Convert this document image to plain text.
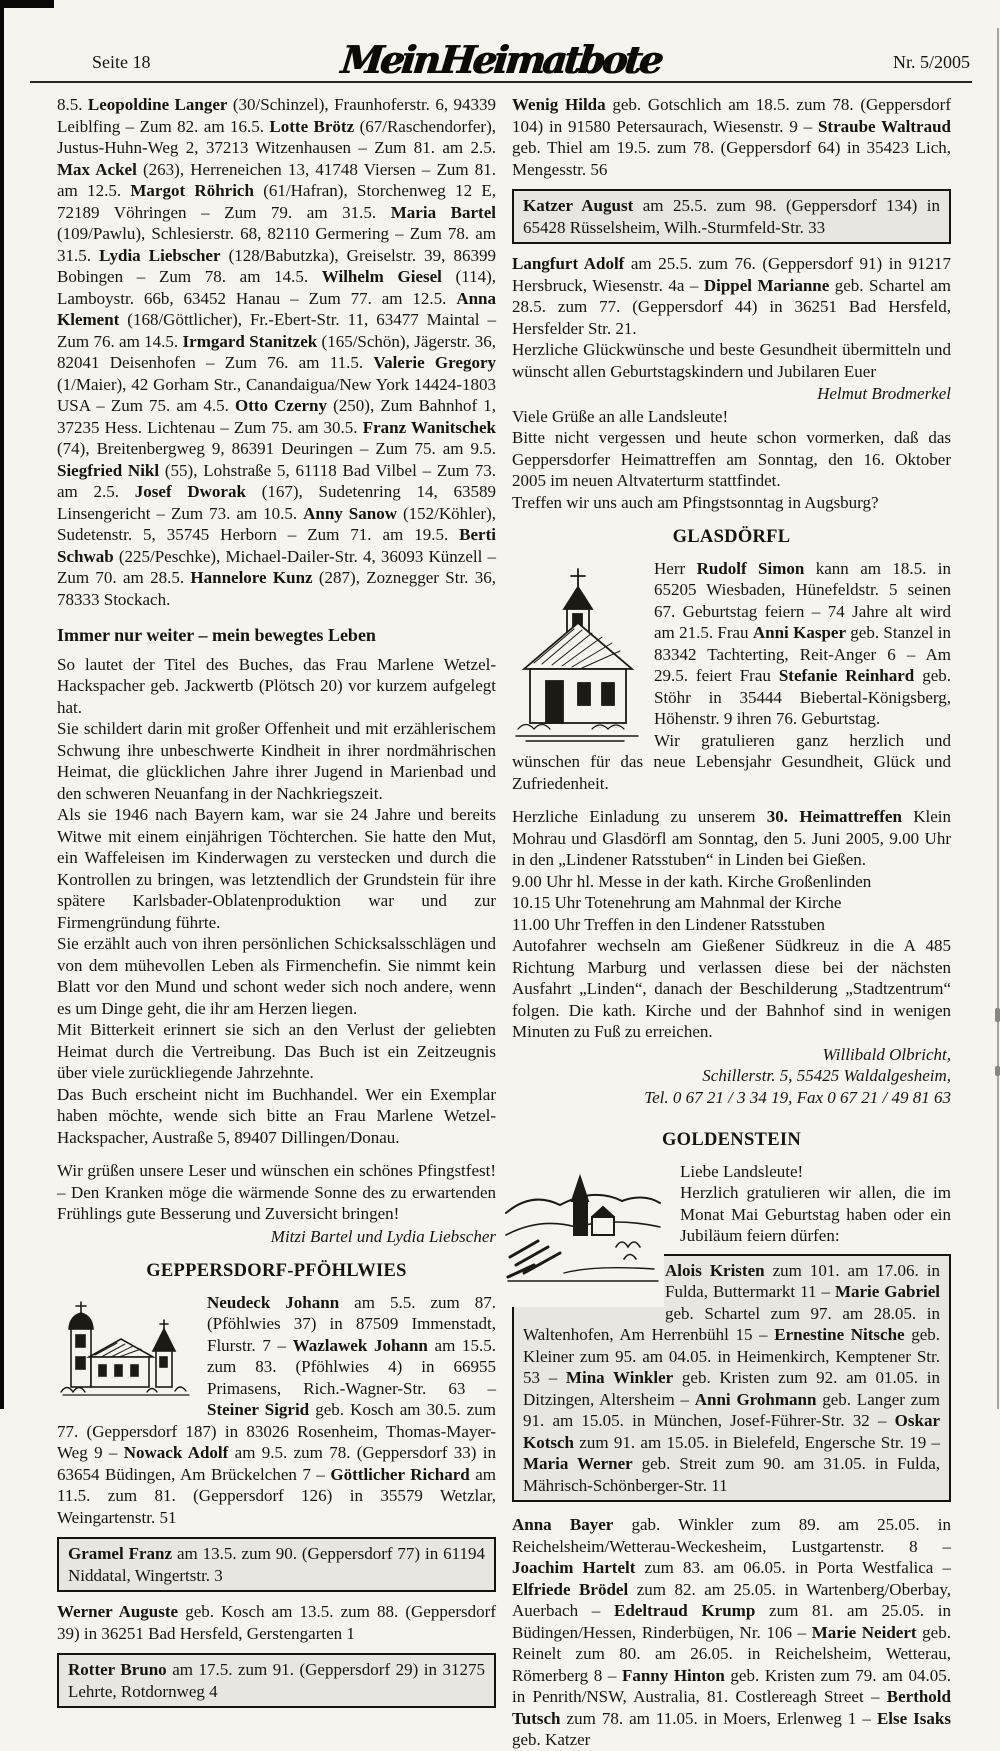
Seite 18	Mein Heimatbote	Nr. 5/2005
8.5. Leopoldine Langer (30/Schinzel), Fraunhoferstr. 6, 94339 Leiblfing – Zum 82. am 16.5. Lotte Brötz (67/Raschendorfer), Justus-Huhn-Weg 2, 37213 Witzenhausen – Zum 81. am 2.5. Max Ackel (263), Herreneichen 13, 41748 Viersen – Zum 81. am 12.5. Margot Röhrich (61/Hafran), Storchenweg 12 E, 72189 Vöhringen – Zum 79. am 31.5. Maria Bartel (109/Pawlu), Schlesierstr. 68, 82110 Germering – Zum 78. am 31.5. Lydia Liebscher (128/Babutzka), Greiselstr. 39, 86399 Bobingen – Zum 78. am 14.5. Wilhelm Giesel (114), Lamboystr. 66b, 63452 Hanau – Zum 77. am 12.5. Anna Klement (168/Göttlicher), Fr.-Ebert-Str. 11, 63477 Maintal – Zum 76. am 14.5. Irmgard Stanitzek (165/Schön), Jägerstr. 36, 82041 Deisenhofen – Zum 76. am 11.5. Valerie Gregory (1/Maier), 42 Gorham Str., Canandaigua/New York 14424-1803 USA – Zum 75. am 4.5. Otto Czerny (250), Zum Bahnhof 1, 37235 Hess. Lichtenau – Zum 75. am 30.5. Franz Wanitschek (74), Breitenbergweg 9, 86391 Deuringen – Zum 75. am 9.5. Siegfried Nikl (55), Lohstraße 5, 61118 Bad Vilbel – Zum 73. am 2.5. Josef Dworak (167), Sudetenring 14, 63589 Linsengericht – Zum 73. am 10.5. Anny Sanow (152/Köhler), Sudetenstr. 5, 35745 Herborn – Zum 71. am 19.5. Berti Schwab (225/Peschke), Michael-Dailer-Str. 4, 36093 Künzell – Zum 70. am 28.5. Hannelore Kunz (287), Zoznegger Str. 36, 78333 Stockach.
Immer nur weiter – mein bewegtes Leben
So lautet der Titel des Buches, das Frau Marlene Wetzel-Hackspacher geb. Jackwertb (Plötsch 20) vor kurzem aufgelegt hat.
Sie schildert darin mit großer Offenheit und mit erzählerischem Schwung ihre unbeschwerte Kindheit in ihrer nordmährischen Heimat, die glücklichen Jahre ihrer Jugend in Marienbad und den schweren Neuanfang in der Nachkriegszeit.
Als sie 1946 nach Bayern kam, war sie 24 Jahre und bereits Witwe mit einem einjährigen Töchterchen. Sie hatte den Mut, ein Waffeleisen im Kinderwagen zu verstecken und durch die Kontrollen zu bringen, was letztendlich der Grundstein für ihre spätere Karlsbader-Oblatenproduktion war und zur Firmengründung führte.
Sie erzählt auch von ihren persönlichen Schicksalsschlägen und von dem mühevollen Leben als Firmenchefin. Sie nimmt kein Blatt vor den Mund und schont weder sich noch andere, wenn es um Dinge geht, die ihr am Herzen liegen.
Mit Bitterkeit erinnert sie sich an den Verlust der geliebten Heimat durch die Vertreibung. Das Buch ist ein Zeitzeugnis über viele zurückliegende Jahrzehnte.
Das Buch erscheint nicht im Buchhandel. Wer ein Exemplar haben möchte, wende sich bitte an Frau Marlene Wetzel-Hackspacher, Austraße 5, 89407 Dillingen/Donau.
Wir grüßen unsere Leser und wünschen ein schönes Pfingstfest! – Den Kranken möge die wärmende Sonne des zu erwartenden Frühlings gute Besserung und Zuversicht bringen!
Mitzi Bartel und Lydia Liebscher
GEPPERSDORF-PFÖHLWIES
Neudeck Johann am 5.5. zum 87. (Pföhlwies 37) in 87509 Immenstadt, Flurstr. 7 – Wazlawek Johann am 15.5. zum 83. (Pföhlwies 4) in 66955 Primasens, Rich.-Wagner-Str. 63 – Steiner Sigrid geb. Kosch am 30.5. zum 77. (Geppersdorf 187) in 83026 Rosenheim, Thomas-Mayer-Weg 9 – Nowack Adolf am 9.5. zum 78. (Geppersdorf 33) in 63654 Büdingen, Am Brückelchen 7 – Göttlicher Richard am 11.5. zum 81. (Geppersdorf 126) in 35579 Wetzlar, Weingartenstr. 51
Gramel Franz am 13.5. zum 90. (Geppersdorf 77) in 61194 Niddatal, Wingertstr. 3
Werner Auguste geb. Kosch am 13.5. zum 88. (Geppersdorf 39) in 36251 Bad Hersfeld, Gerstengarten 1
Rotter Bruno am 17.5. zum 91. (Geppersdorf 29) in 31275 Lehrte, Rotdornweg 4
Wenig Hilda geb. Gotschlich am 18.5. zum 78. (Geppersdorf 104) in 91580 Petersaurach, Wiesenstr. 9 – Straube Waltraud geb. Thiel am 19.5. zum 78. (Geppersdorf 64) in 35423 Lich, Mengesstr. 56
Katzer August am 25.5. zum 98. (Geppersdorf 134) in 65428 Rüsselsheim, Wilh.-Sturmfeld-Str. 33
Langfurt Adolf am 25.5. zum 76. (Geppersdorf 91) in 91217 Hersbruck, Wiesenstr. 4a – Dippel Marianne geb. Schartel am 28.5. zum 77. (Geppersdorf 44) in 36251 Bad Hersfeld, Hersfelder Str. 21.
Herzliche Glückwünsche und beste Gesundheit übermitteln und wünscht allen Geburtstagskindern und Jubilaren Euer
Helmut Brodmerkel
Viele Grüße an alle Landsleute!
Bitte nicht vergessen und heute schon vormerken, daß das Geppersdorfer Heimattreffen am Sonntag, den 16. Oktober 2005 im neuen Altvaterturm stattfindet.
Treffen wir uns auch am Pfingstsonntag in Augsburg?
GLASDÖRFL
Herr Rudolf Simon kann am 18.5. in 65205 Wiesbaden, Hünefeldstr. 5 seinen 67. Geburtstag feiern – 74 Jahre alt wird am 21.5. Frau Anni Kasper geb. Stanzel in 83342 Tachterting, Reit-Anger 6 – Am 29.5. feiert Frau Stefanie Reinhard geb. Stöhr in 35444 Biebertal-Königsberg, Höhenstr. 9 ihren 76. Geburtstag.
Wir gratulieren ganz herzlich und wünschen für das neue Lebensjahr Gesundheit, Glück und Zufriedenheit.
Herzliche Einladung zu unserem 30. Heimattreffen Klein Mohrau und Glasdörfl am Sonntag, den 5. Juni 2005, 9.00 Uhr in den „Lindener Ratsstuben“ in Linden bei Gießen.
9.00 Uhr hl. Messe in der kath. Kirche Großenlinden
10.15 Uhr Totenehrung am Mahnmal der Kirche
11.00 Uhr Treffen in den Lindener Ratsstuben
Autofahrer wechseln am Gießener Südkreuz in die A 485 Richtung Marburg und verlassen diese bei der nächsten Ausfahrt „Linden“, danach der Beschilderung „Stadtzentrum“ folgen. Die kath. Kirche und der Bahnhof sind in wenigen Minuten zu Fuß zu erreichen.
Willibald Olbricht,
Schillerstr. 5, 55425 Waldalgesheim,
Tel. 0 67 21 / 3 34 19, Fax 0 67 21 / 49 81 63
GOLDENSTEIN
Liebe Landsleute!
Herzlich gratulieren wir allen, die im Monat Mai Geburtstag haben oder ein Jubiläum feiern dürfen:
Alois Kristen zum 101. am 17.06. in Fulda, Buttermarkt 11 – Marie Gabriel geb. Schartel zum 97. am 28.05. in Waltenhofen, Am Herrenbühl 15 – Ernestine Nitsche geb. Kleiner zum 95. am 04.05. in Heimenkirch, Kemptener Str. 53 – Mina Winkler geb. Kristen zum 92. am 01.05. in Ditzingen, Altersheim – Anni Grohmann geb. Langer zum 91. am 15.05. in München, Josef-Führer-Str. 32 – Oskar Kotsch zum 91. am 15.05. in Bielefeld, Engersche Str. 19 – Maria Werner geb. Streit zum 90. am 31.05. in Fulda, Mährisch-Schönberger-Str. 11
Anna Bayer gab. Winkler zum 89. am 25.05. in Reichelsheim/Wetterau-Weckesheim, Lustgartenstr. 8 – Joachim Hartelt zum 83. am 06.05. in Porta Westfalica – Elfriede Brödel zum 82. am 25.05. in Wartenberg/Oberbay, Auerbach – Edeltraud Krump zum 81. am 25.05. in Büdingen/Hessen, Rinderbügen, Nr. 106 – Marie Neidert geb. Reinelt zum 80. am 26.05. in Reichelsheim, Wetterau, Römerberg 8 – Fanny Hinton geb. Kristen zum 79. am 04.05. in Penrith/NSW, Australia, 81. Costlereagh Street – Berthold Tutsch zum 78. am 11.05. in Moers, Erlenweg 1 – Else Isaks geb. Katzer
